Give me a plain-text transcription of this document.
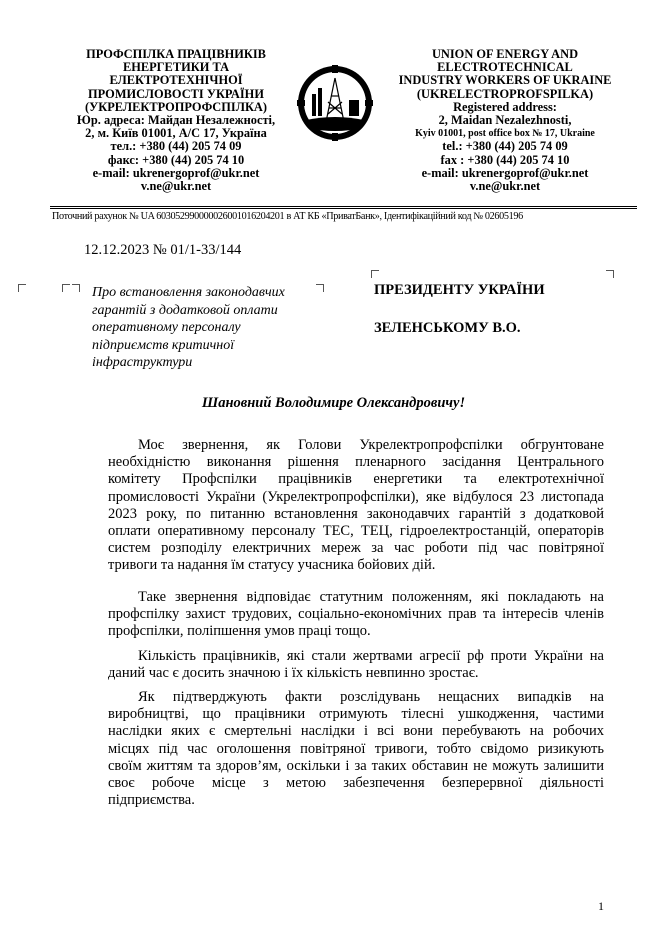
ПРОФСПІЛКА ПРАЦІВНИКІВ
ЕНЕРГЕТИКИ ТА
ЕЛЕКТРОТЕХНІЧНОЇ
ПРОМИСЛОВОСТІ УКРАЇНИ
(УКРЕЛЕКТРОПРОФСПІЛКА)
Юр. адреса: Майдан Незалежності,
2, м. Київ 01001, А/С 17, Україна
тел.: +380 (44) 205 74 09
факс: +380 (44) 205 74 10
e-mail: ukrenergoprof@ukr.net
v.ne@ukr.net
UNION OF ENERGY AND
ELECTROTECHNICAL
INDUSTRY WORKERS OF UKRAINE
(UKRELECTROPROFSPILKA)
Registered address:
2, Maidan Nezalezhnosti,
Kyiv 01001, post office box № 17, Ukraine
tel.: +380 (44) 205 74 09
fax : +380 (44) 205 74 10
e-mail: ukrenergoprof@ukr.net
v.ne@ukr.net
Поточний рахунок № UA 603052990000026001016204201 в АТ КБ «ПриватБанк», Ідентифікаційний код № 02605196
12.12.2023 № 01/1-33/144
Про встановлення законодавчих
гарантій з додатковой оплати
оперативному персоналу
підприємств критичної
інфраструктури
ПРЕЗИДЕНТУ УКРАЇНИ
ЗЕЛЕНСЬКОМУ В.О.
Шановний Володимире Олександровичу!
Моє звернення, як Голови Укрелектропрофспілки обгрунтоване
необхідністю виконання рішення пленарного засідання Центрального
комітету Профспілки працівників енергетики та електротехнічної
промисловості України (Укрелектропрофспілки), яке відбулося 23 листопада
2023 року, по питанню встановлення законодавчих гарантій з додатковой
оплати оперативному персоналу ТЕС, ТЕЦ, гідроелектростанцій, операторів
систем розподілу електричних мереж за час роботи під час повітряної
тривоги та надання їм статусу учасника бойових дій.
Таке звернення відповідає статутним положенням, які покладають на
профспілку захист трудових, соціально-економічних прав та інтересів членів
профспілки, поліпшення умов праці тощо.
Кількість працівників, які стали жертвами агресії рф проти України на
даний час є досить значною і їх кількість невпинно зростає.
Як підтверджують факти розслідувань нещасних випадків на
виробництві, що працівники отримують тілесні ушкодження, частими
наслідки яких є смертельні наслідки і всі вони перебувають на робочих
місцях під час оголошення повітряної тривоги, тобто свідомо ризикують
своїм життям та здоров’ям, оскільки і за таких обставин не можуть залишити
своє робоче місце з метою забезпечення безперервної діяльності
підприємства.
1
